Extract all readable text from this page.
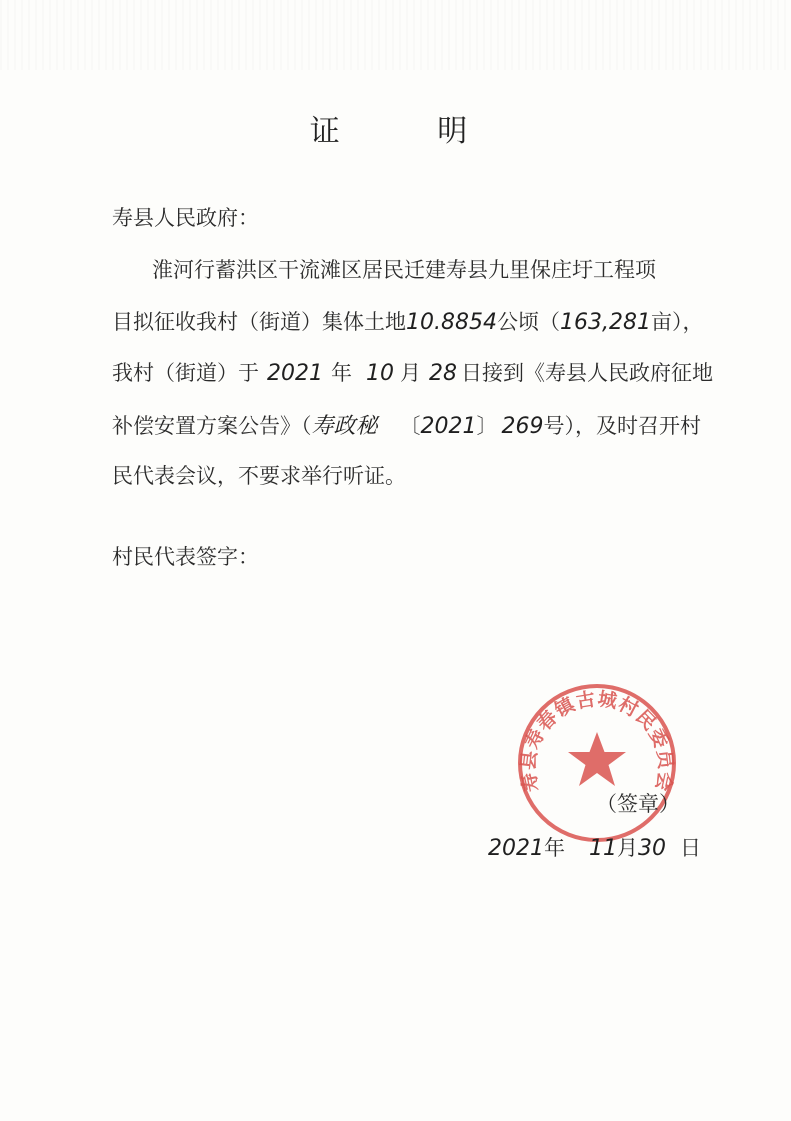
证 明
寿县人民政府：
淮河行蓄洪区干流滩区居民迁建寿县九里保庄圩工程项
目拟征收我村（街道）集体土地10.8854公顷（163,281亩），
我村（街道）于 2021 年 10 月 28 日接到《寿县人民政府征地
补偿安置方案公告》（寿政秘 〔2021〕 269号），及时召开村
民代表会议，不要求举行听证。
村民代表签字：
寿县寿春镇古城村民委员会
（签章）
2021年 11月30 日
